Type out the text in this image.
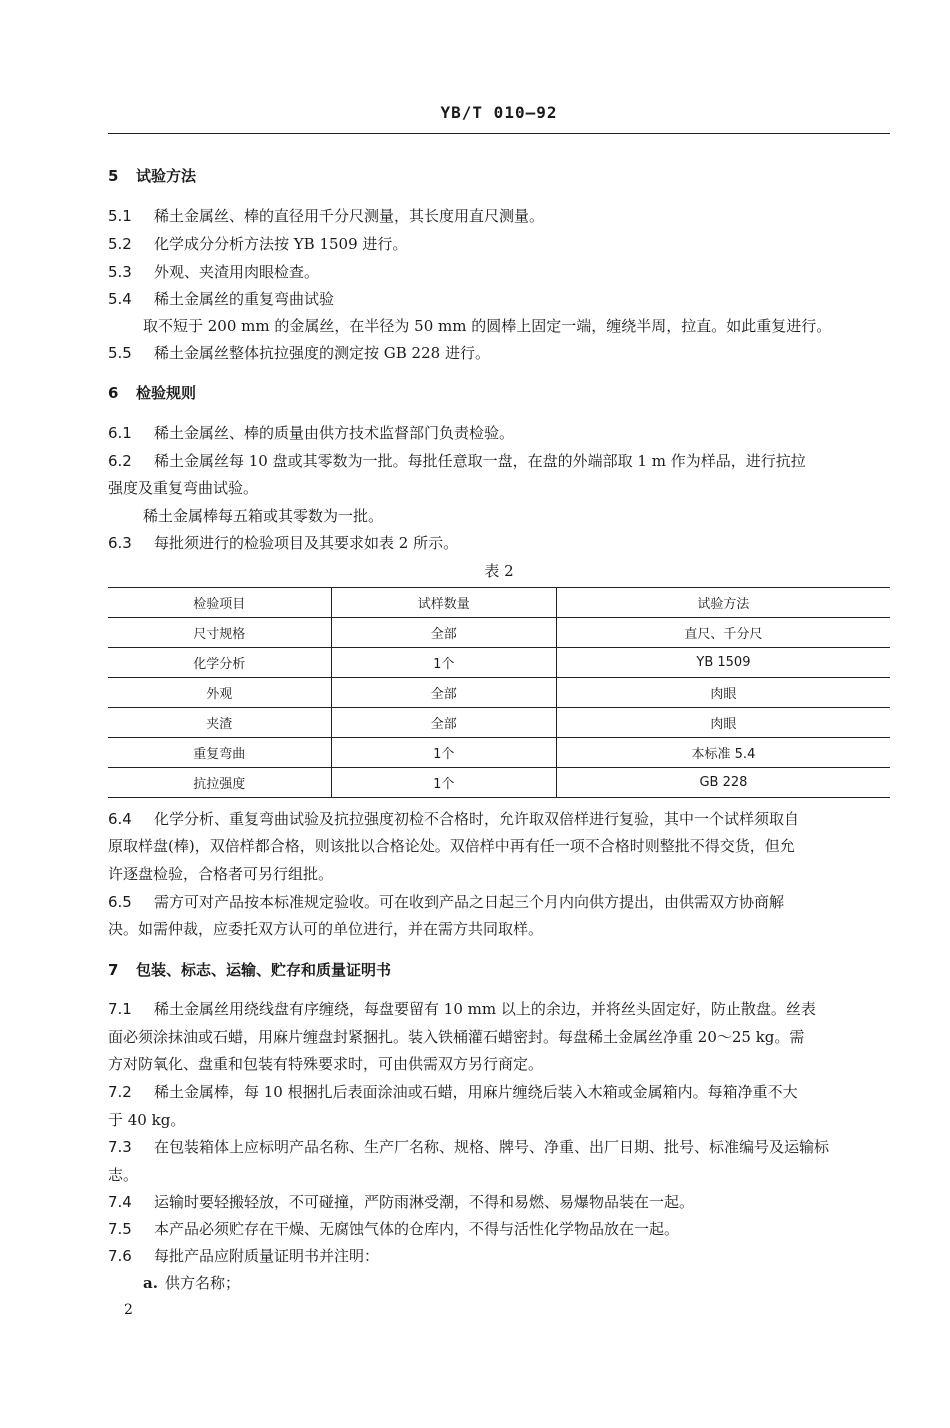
YB/T 010—92
5 试验方法
5.1 稀土金属丝、棒的直径用千分尺测量，其长度用直尺测量。
5.2 化学成分分析方法按 YB 1509 进行。
5.3 外观、夹渣用肉眼检查。
5.4 稀土金属丝的重复弯曲试验
取不短于 200 mm 的金属丝，在半径为 50 mm 的圆棒上固定一端，缠绕半周，拉直。如此重复进行。
5.5 稀土金属丝整体抗拉强度的测定按 GB 228 进行。
6 检验规则
6.1 稀土金属丝、棒的质量由供方技术监督部门负责检验。
6.2 稀土金属丝每 10 盘或其零数为一批。每批任意取一盘，在盘的外端部取 1 m 作为样品，进行抗拉
强度及重复弯曲试验。
稀土金属棒每五箱或其零数为一批。
6.3 每批须进行的检验项目及其要求如表 2 所示。
表 2
检验项目	试样数量	试验方法
尺寸规格	全部	直尺、千分尺
化学分析	1个	YB 1509
外观	全部	肉眼
夹渣	全部	肉眼
重复弯曲	1个	本标准 5.4
抗拉强度	1个	GB 228
6.4 化学分析、重复弯曲试验及抗拉强度初检不合格时，允许取双倍样进行复验，其中一个试样须取自
原取样盘(棒)，双倍样都合格，则该批以合格论处。双倍样中再有任一项不合格时则整批不得交货，但允
许逐盘检验，合格者可另行组批。
6.5 需方可对产品按本标准规定验收。可在收到产品之日起三个月内向供方提出，由供需双方协商解
决。如需仲裁，应委托双方认可的单位进行，并在需方共同取样。
7 包装、标志、运输、贮存和质量证明书
7.1 稀土金属丝用绕线盘有序缠绕，每盘要留有 10 mm 以上的余边，并将丝头固定好，防止散盘。丝表
面必须涂抹油或石蜡，用麻片缠盘封紧捆扎。装入铁桶灌石蜡密封。每盘稀土金属丝净重 20～25 kg。需
方对防氧化、盘重和包装有特殊要求时，可由供需双方另行商定。
7.2 稀土金属棒，每 10 根捆扎后表面涂油或石蜡，用麻片缠绕后装入木箱或金属箱内。每箱净重不大
于 40 kg。
7.3 在包装箱体上应标明产品名称、生产厂名称、规格、牌号、净重、出厂日期、批号、标准编号及运输标
志。
7.4 运输时要轻搬轻放，不可碰撞，严防雨淋受潮，不得和易燃、易爆物品装在一起。
7.5 本产品必须贮存在干燥、无腐蚀气体的仓库内，不得与活性化学物品放在一起。
7.6 每批产品应附质量证明书并注明：
a. 供方名称；
2
